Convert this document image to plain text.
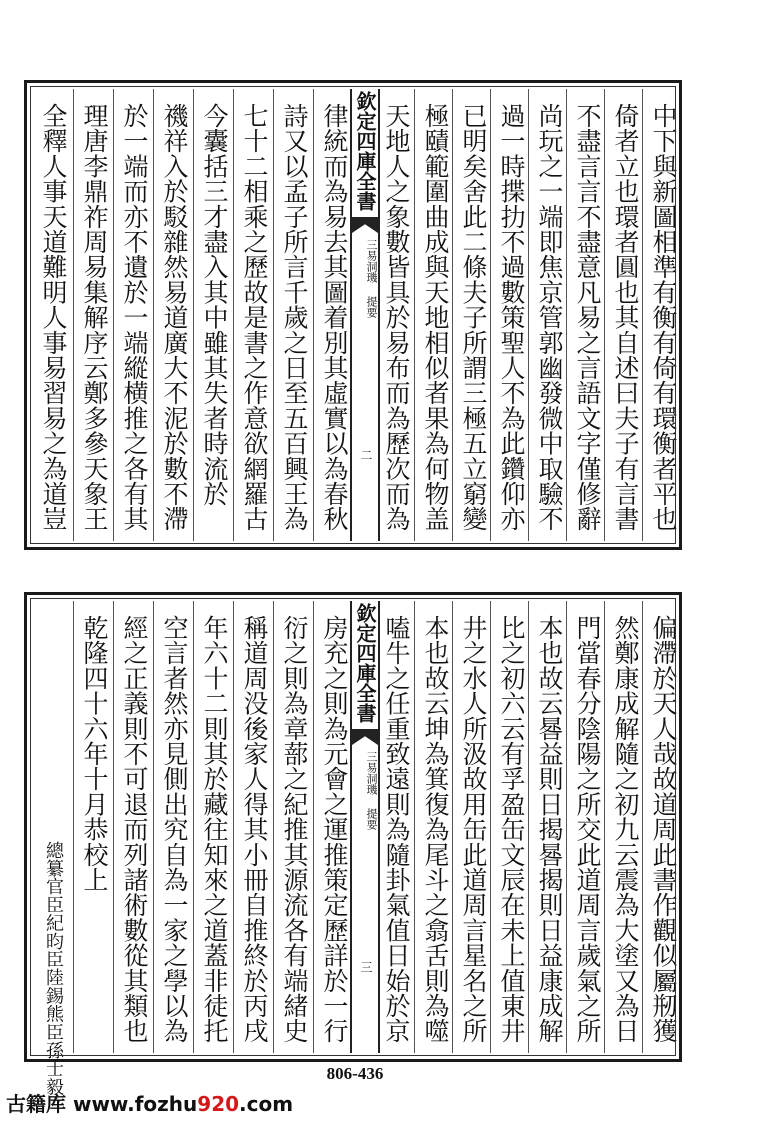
全釋人事天道難明人事易習易之為道豈 理唐李鼎祚周易集解序云鄭多參天象王 於一端而亦不遺於一端縱横推之各有其 禨祥入於駁雜然易道廣大不泥於數不滯 今囊括三才盡入其中雖其失者時流於 七十二相乘之歷故是書之作意欲網羅古 詩又以孟子所言千歲之日至五百興王為 律統而為易去其圖着別其虛實以為春秋 欽定四庫全書
三易洞璣 提要
二 天地人之象數皆具於易布而為歷次而為 極賾範圍曲成與天地相似者果為何物盖 已明矣舍此二條夫子所謂三極五立窮變 過一時揲扐不過數策聖人不為此鑽仰亦 尚玩之一端即焦京管郭幽發微中取驗不 不盡言言不盡意凡易之言語文字僅修辭 倚者立也環者圓也其自述曰夫子有言書 中下與新圖相準有衡有倚有環衡者平也
總纂官臣紀昀臣陸錫熊臣孫士毅
乾隆四十六年十月恭校上 經之正義則不可退而列諸術數從其類也 空言者然亦見側出究自為一家之學以為 年六十二則其於藏往知來之道蓋非徒托 稱道周没後家人得其小冊自推終於丙戌 衍之則為章蔀之紀推其源流各有端緒史 房充之則為元會之運推策定歷詳於一行 欽定四庫全書
三易洞璣 提要
三 嗑牛之任重致遠則為隨卦氣值日始於京 本也故云坤為箕復為尾斗之翕舌則為噬 井之水人所汲故用缶此道周言星名之所 比之初六云有孚盈缶文辰在未上值東井 本也故云晷益則日揭晷揭則日益康成解 門當春分陰陽之所交此道周言歲氣之所 然鄭康成解隨之初九云震為大塗又為日 偏滯於天人哉故道周此書作觀似屬剏獲
806-436
古籍库 www.fozhu920.com
